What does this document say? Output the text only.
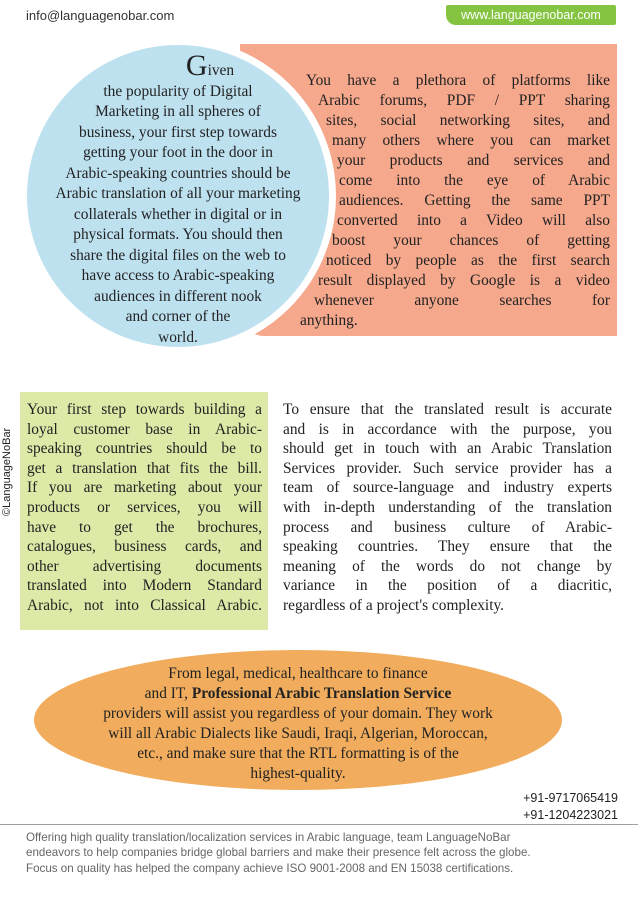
info@languagenobar.com	www.languagenobar.com
You have a plethora of platforms like
Arabic forums, PDF / PPT sharing
sites, social networking sites, and
many others where you can market
your products and services and
come into the eye of Arabic
audiences. Getting the same PPT
converted into a Video will also
boost your chances of getting
noticed by people as the first search
result displayed by Google is a video
whenever anyone searches for
anything.
Given
the popularity of Digital
Marketing in all spheres of
business, your first step towards
getting your foot in the door in
Arabic-speaking countries should be
Arabic translation of all your marketing
collaterals whether in digital or in
physical formats. You should then
share the digital files on the web to
have access to Arabic-speaking
audiences in different nook
and corner of the
world.
©LanguageNoBar
Your first step towards building a
loyal customer base in Arabic-
speaking countries should be to
get a translation that fits the bill.
If you are marketing about your
products or services, you will
have to get the brochures,
catalogues, business cards, and
other advertising documents
translated into Modern Standard
Arabic, not into Classical Arabic.
To ensure that the translated result is accurate
and is in accordance with the purpose, you
should get in touch with an Arabic Translation
Services provider. Such service provider has a
team of source-language and industry experts
with in-depth understanding of the translation
process and business culture of Arabic-
speaking countries. They ensure that the
meaning of the words do not change by
variance in the position of a diacritic,
regardless of a project's complexity.
From legal, medical, healthcare to finance
and IT, Professional Arabic Translation Service
providers will assist you regardless of your domain. They work
will all Arabic Dialects like Saudi, Iraqi, Algerian, Moroccan,
etc., and make sure that the RTL formatting is of the
highest-quality.
+91-9717065419
+91-1204223021
Offering high quality translation/localization services in Arabic language, team LanguageNoBar
endeavors to help companies bridge global barriers and make their presence felt across the globe.
Focus on quality has helped the company achieve ISO 9001-2008 and EN 15038 certifications.
